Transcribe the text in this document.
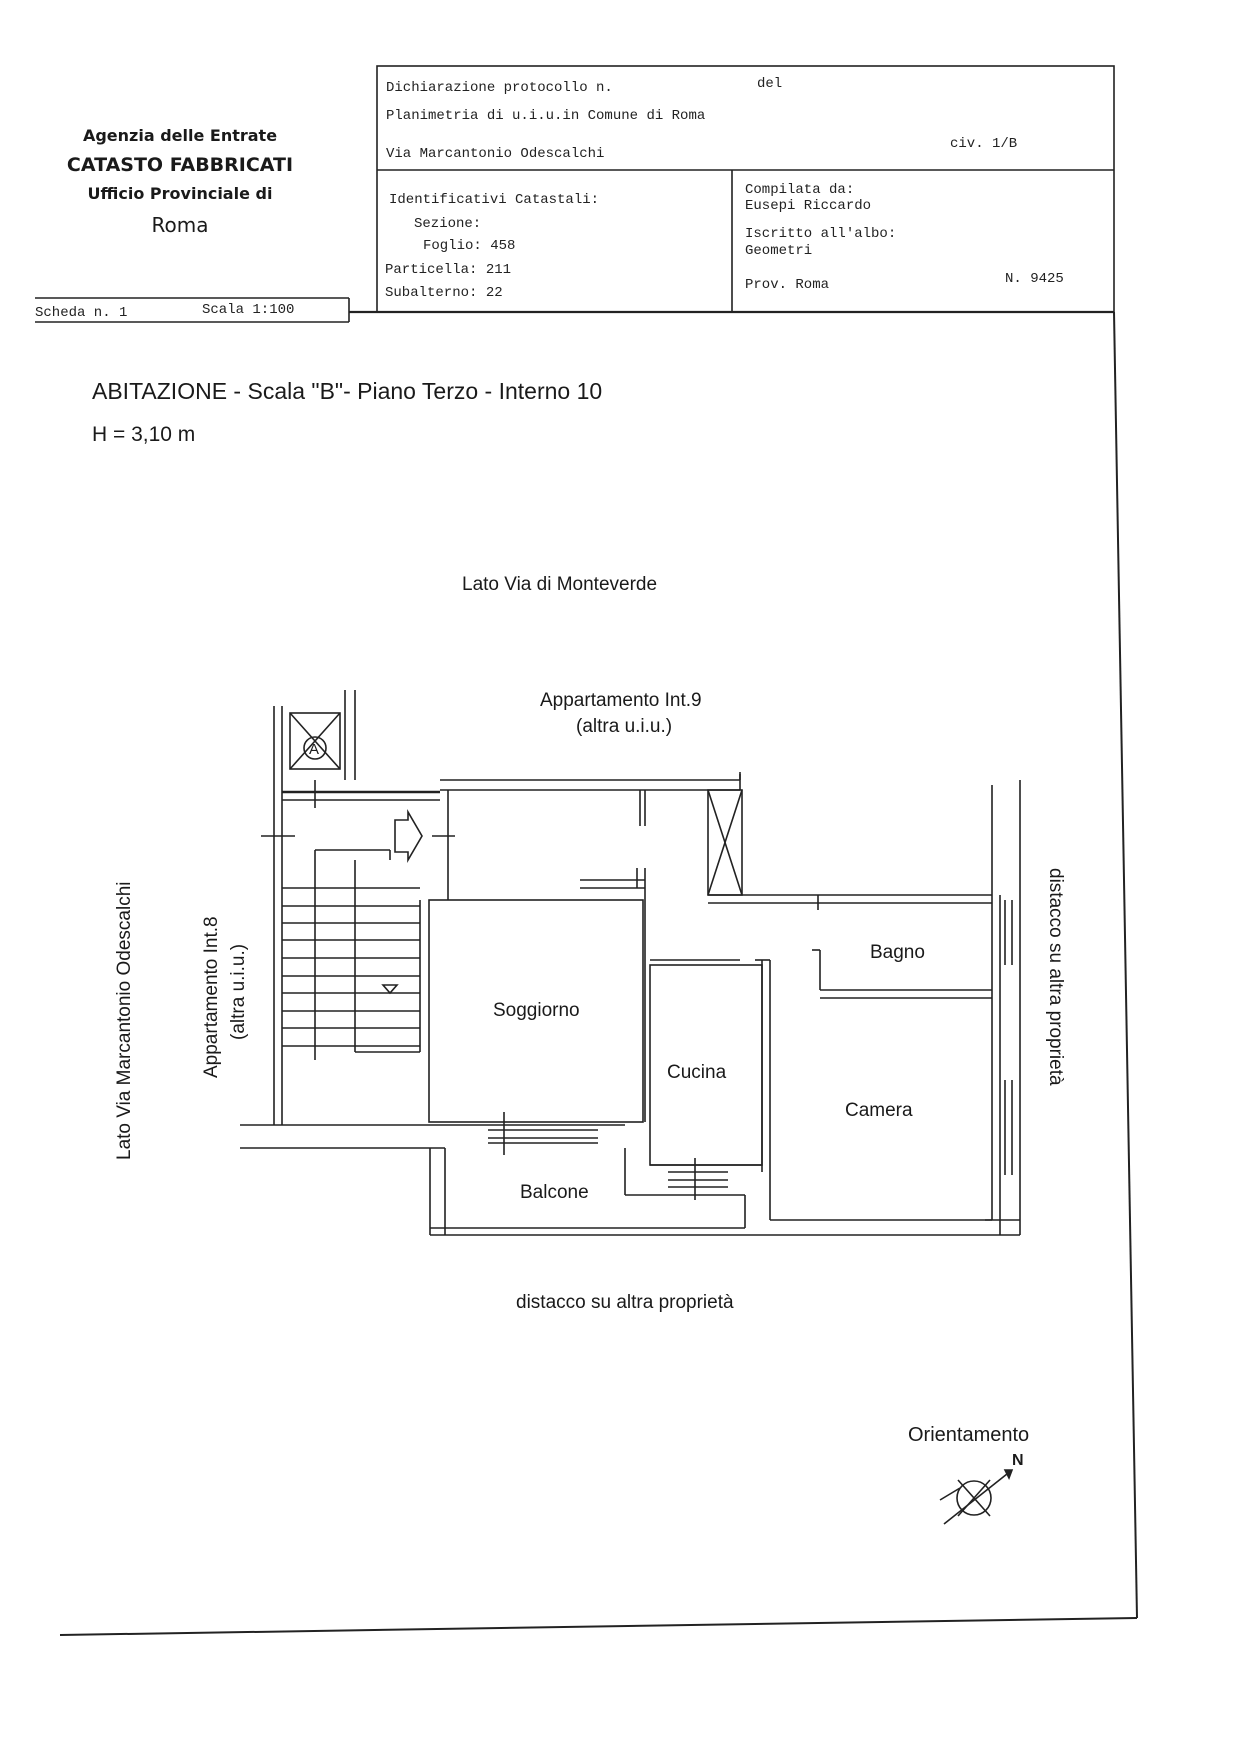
Agenzia delle Entrate
CATASTO FABBRICATI
Ufficio Provinciale di
Roma
Scheda n. 1	Scala 1:100
Dichiarazione protocollo n.	del
Planimetria di u.i.u.in Comune di Roma
Via Marcantonio Odescalchi
civ. 1/B
Identificativi Catastali:
Sezione:
Foglio: 458
Particella: 211
Subalterno: 22
Compilata da:
Eusepi Riccardo
Iscritto all'albo:
Geometri
Prov. Roma	N. 9425
ABITAZIONE - Scala "B"- Piano Terzo - Interno 10
H = 3,10 m
Orientamento
N
A
Lato Via di Monteverde
Appartamento Int.9
(altra u.i.u.)
Soggiorno
Cucina
Bagno
Camera
Balcone
distacco su altra proprietà
Lato Via Marcantonio Odescalchi	Appartamento Int.8 (altra u.i.u.)	distacco su altra proprietà
